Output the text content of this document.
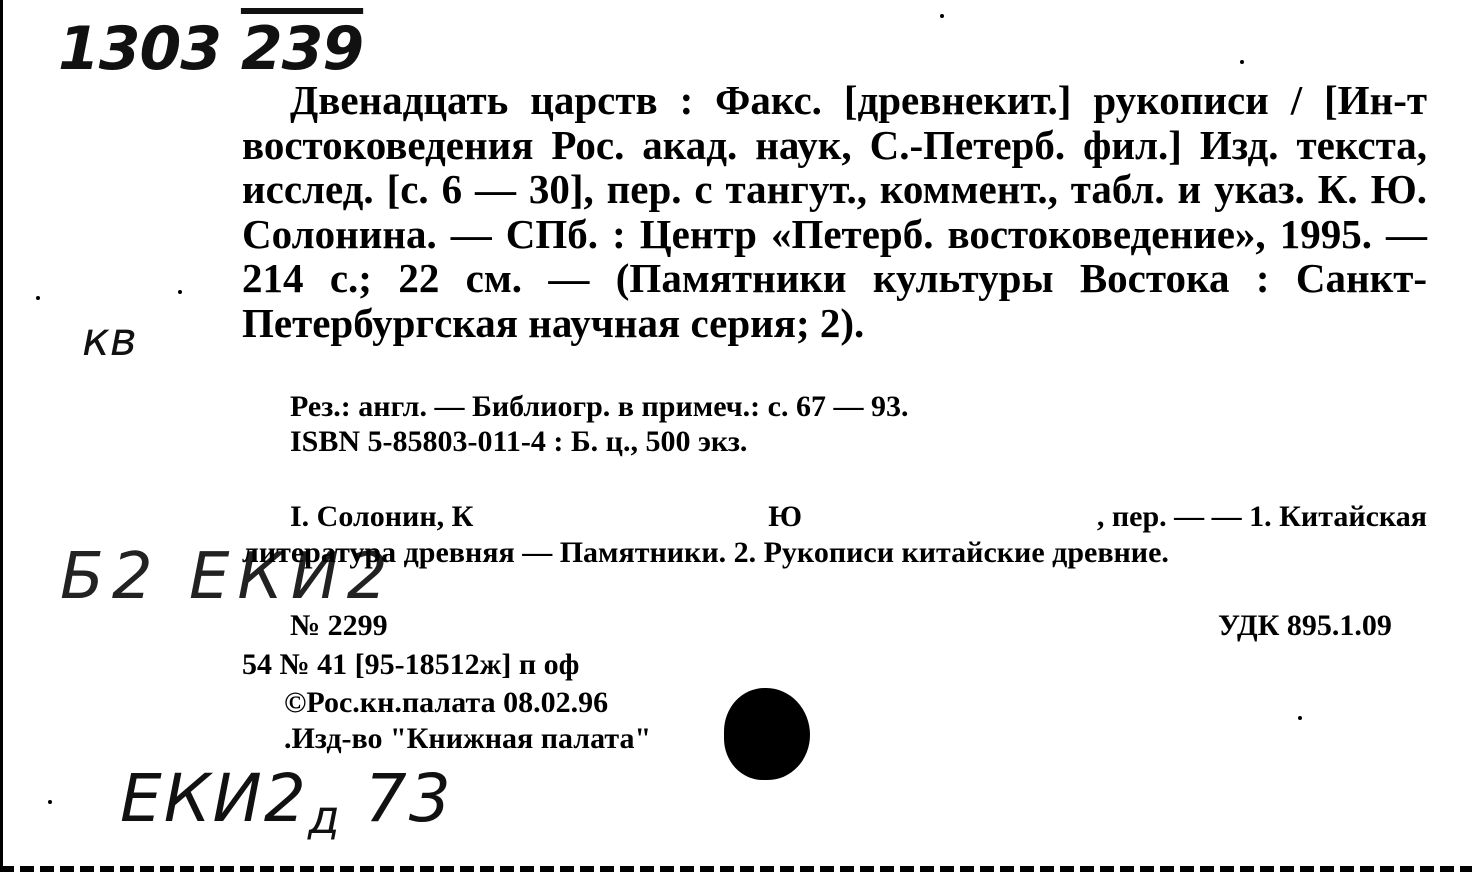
1303 239
кв
Б2 ЕКИ2
$ЕКИ2_д$ 73
Двенадцать царств : Факс. [древнекит.] рукописи / [Ин-т востоковедения Рос. акад. наук, С.-Петерб. фил.] Изд. текста, исслед. [с. 6 — 30], пер. с тангут., коммент., табл. и указ. К. Ю. Солонина. — СПб. : Центр «Петерб. востоковедение», 1995. — 214 с.; 22 см. — (Памятники культуры Востока : Санкт-Петербургская научная серия; 2).
Рез.: англ. — Библиогр. в примеч.: с. 67 — 93.
ISBN 5-85803-011-4 : Б. ц., 500 экз.
I. Солонин, К	Ю	, пер. — — 1. Китайская
литература древняя — Памятники. 2. Рукописи китайские древние.
№ 2299	УДК 895.1.09
54 № 41 [95-18512ж] п оф
©Рос.кн.палата 08.02.96
.Изд-во "Книжная палата"
